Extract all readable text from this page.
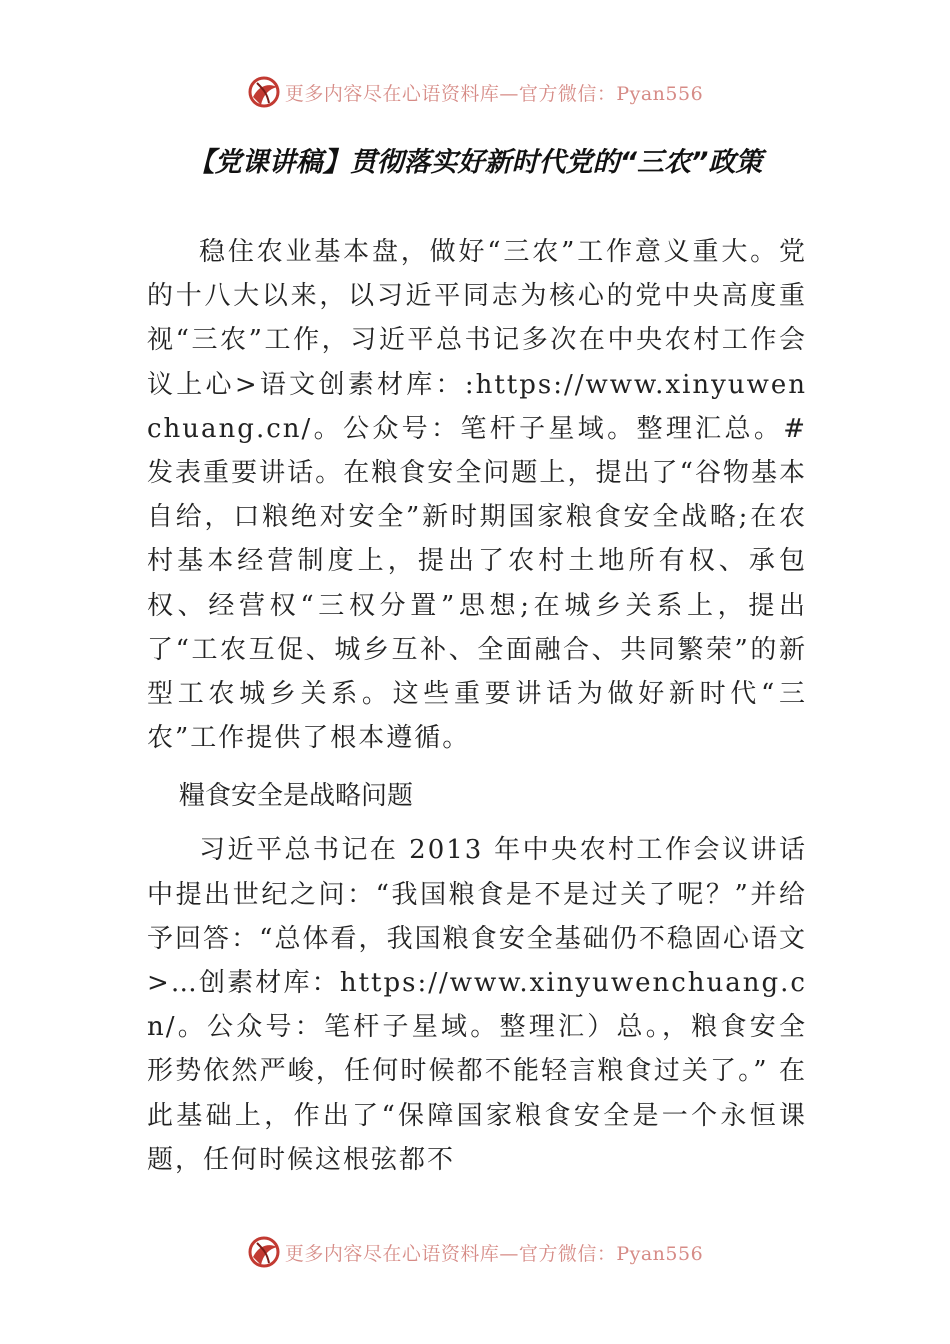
更多内容尽在心语资料库—官方微信：Pyan556
【党课讲稿】贯彻落实好新时代党的“三农”政策

稳住农业基本盘，做好“三农”工作意义重大。党的十八大以来，以习近平同志为核心的党中央高度重视“三农”工作，习近平总书记多次在中央农村工作会议上心>语文创素材库：:https://www.xinyuwenchuang.cn/。公众号：笔杆子星域。整理汇总。#发表重要讲话。在粮食安全问题上，提出了“谷物基本自给，口粮绝对安全”新时期国家粮食安全战略;在农村基本经营制度上，提出了农村土地所有权、承包权、经营权“三权分置”思想;在城乡关系上，提出了“工农互促、城乡互补、全面融合、共同繁荣”的新型工农城乡关系。这些重要讲话为做好新时代“三农”工作提供了根本遵循。

糧食安全是战略问题

习近平总书记在 2013 年中央农村工作会议讲话中提出世纪之问：“我国粮食是不是过关了呢？”并给予回答：“总体看，我国粮食安全基础仍不稳固心语文>…创素材库：https://www.xinyuwenchuang.cn/。公众号：笔杆子星域。整理汇）总。，粮食安全形势依然严峻，任何时候都不能轻言粮食过关了。” 在此基础上，作出了“保障国家粮食安全是一个永恒课题，任何时候这根弦都不

更多内容尽在心语资料库—官方微信：Pyan556
